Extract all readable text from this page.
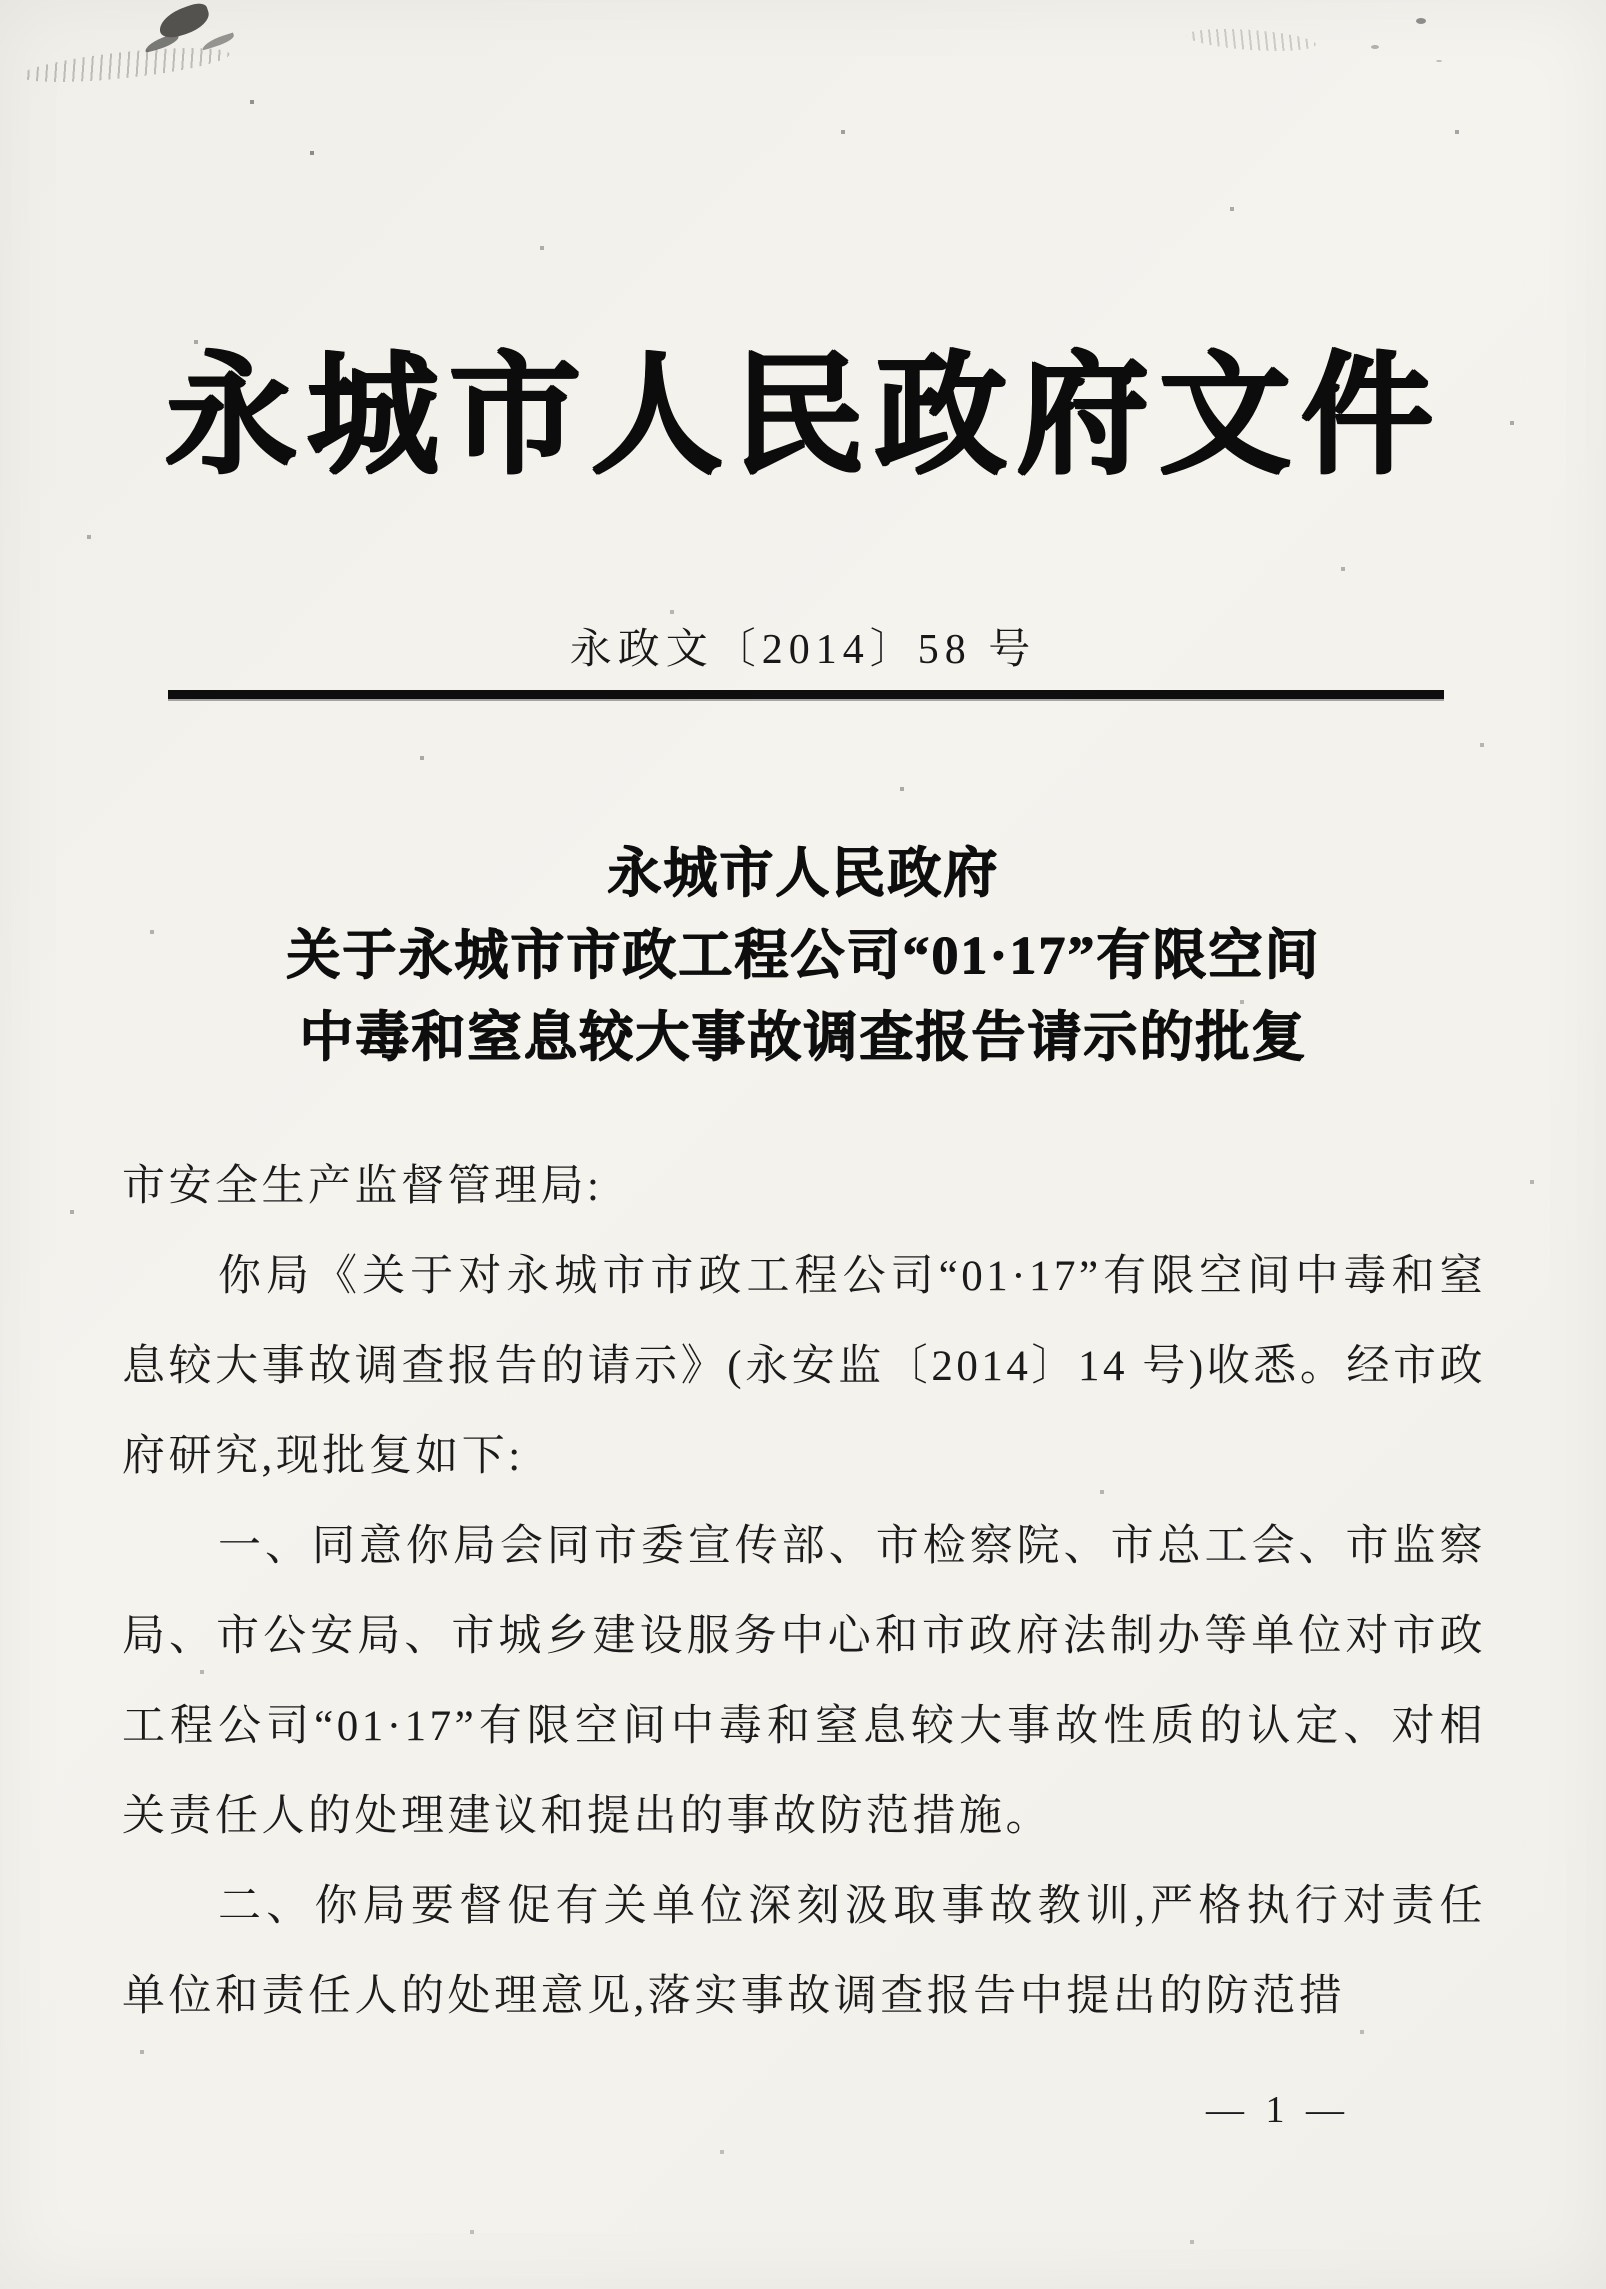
永城市人民政府文件
永政文〔2014〕58 号
永城市人民政府
关于永城市市政工程公司“01·17”有限空间
中毒和窒息较大事故调查报告请示的批复
市安全生产监督管理局:

你局《关于对永城市市政工程公司“01·17”有限空间中毒和窒息较大事故调查报告的请示》(永安监〔2014〕14 号)收悉。经市政府研究,现批复如下:

一、同意你局会同市委宣传部、市检察院、市总工会、市监察局、市公安局、市城乡建设服务中心和市政府法制办等单位对市政工程公司“01·17”有限空间中毒和窒息较大事故性质的认定、对相关责任人的处理建议和提出的事故防范措施。

二、你局要督促有关单位深刻汲取事故教训,严格执行对责任单位和责任人的处理意见,落实事故调查报告中提出的防范措

— 1 —
